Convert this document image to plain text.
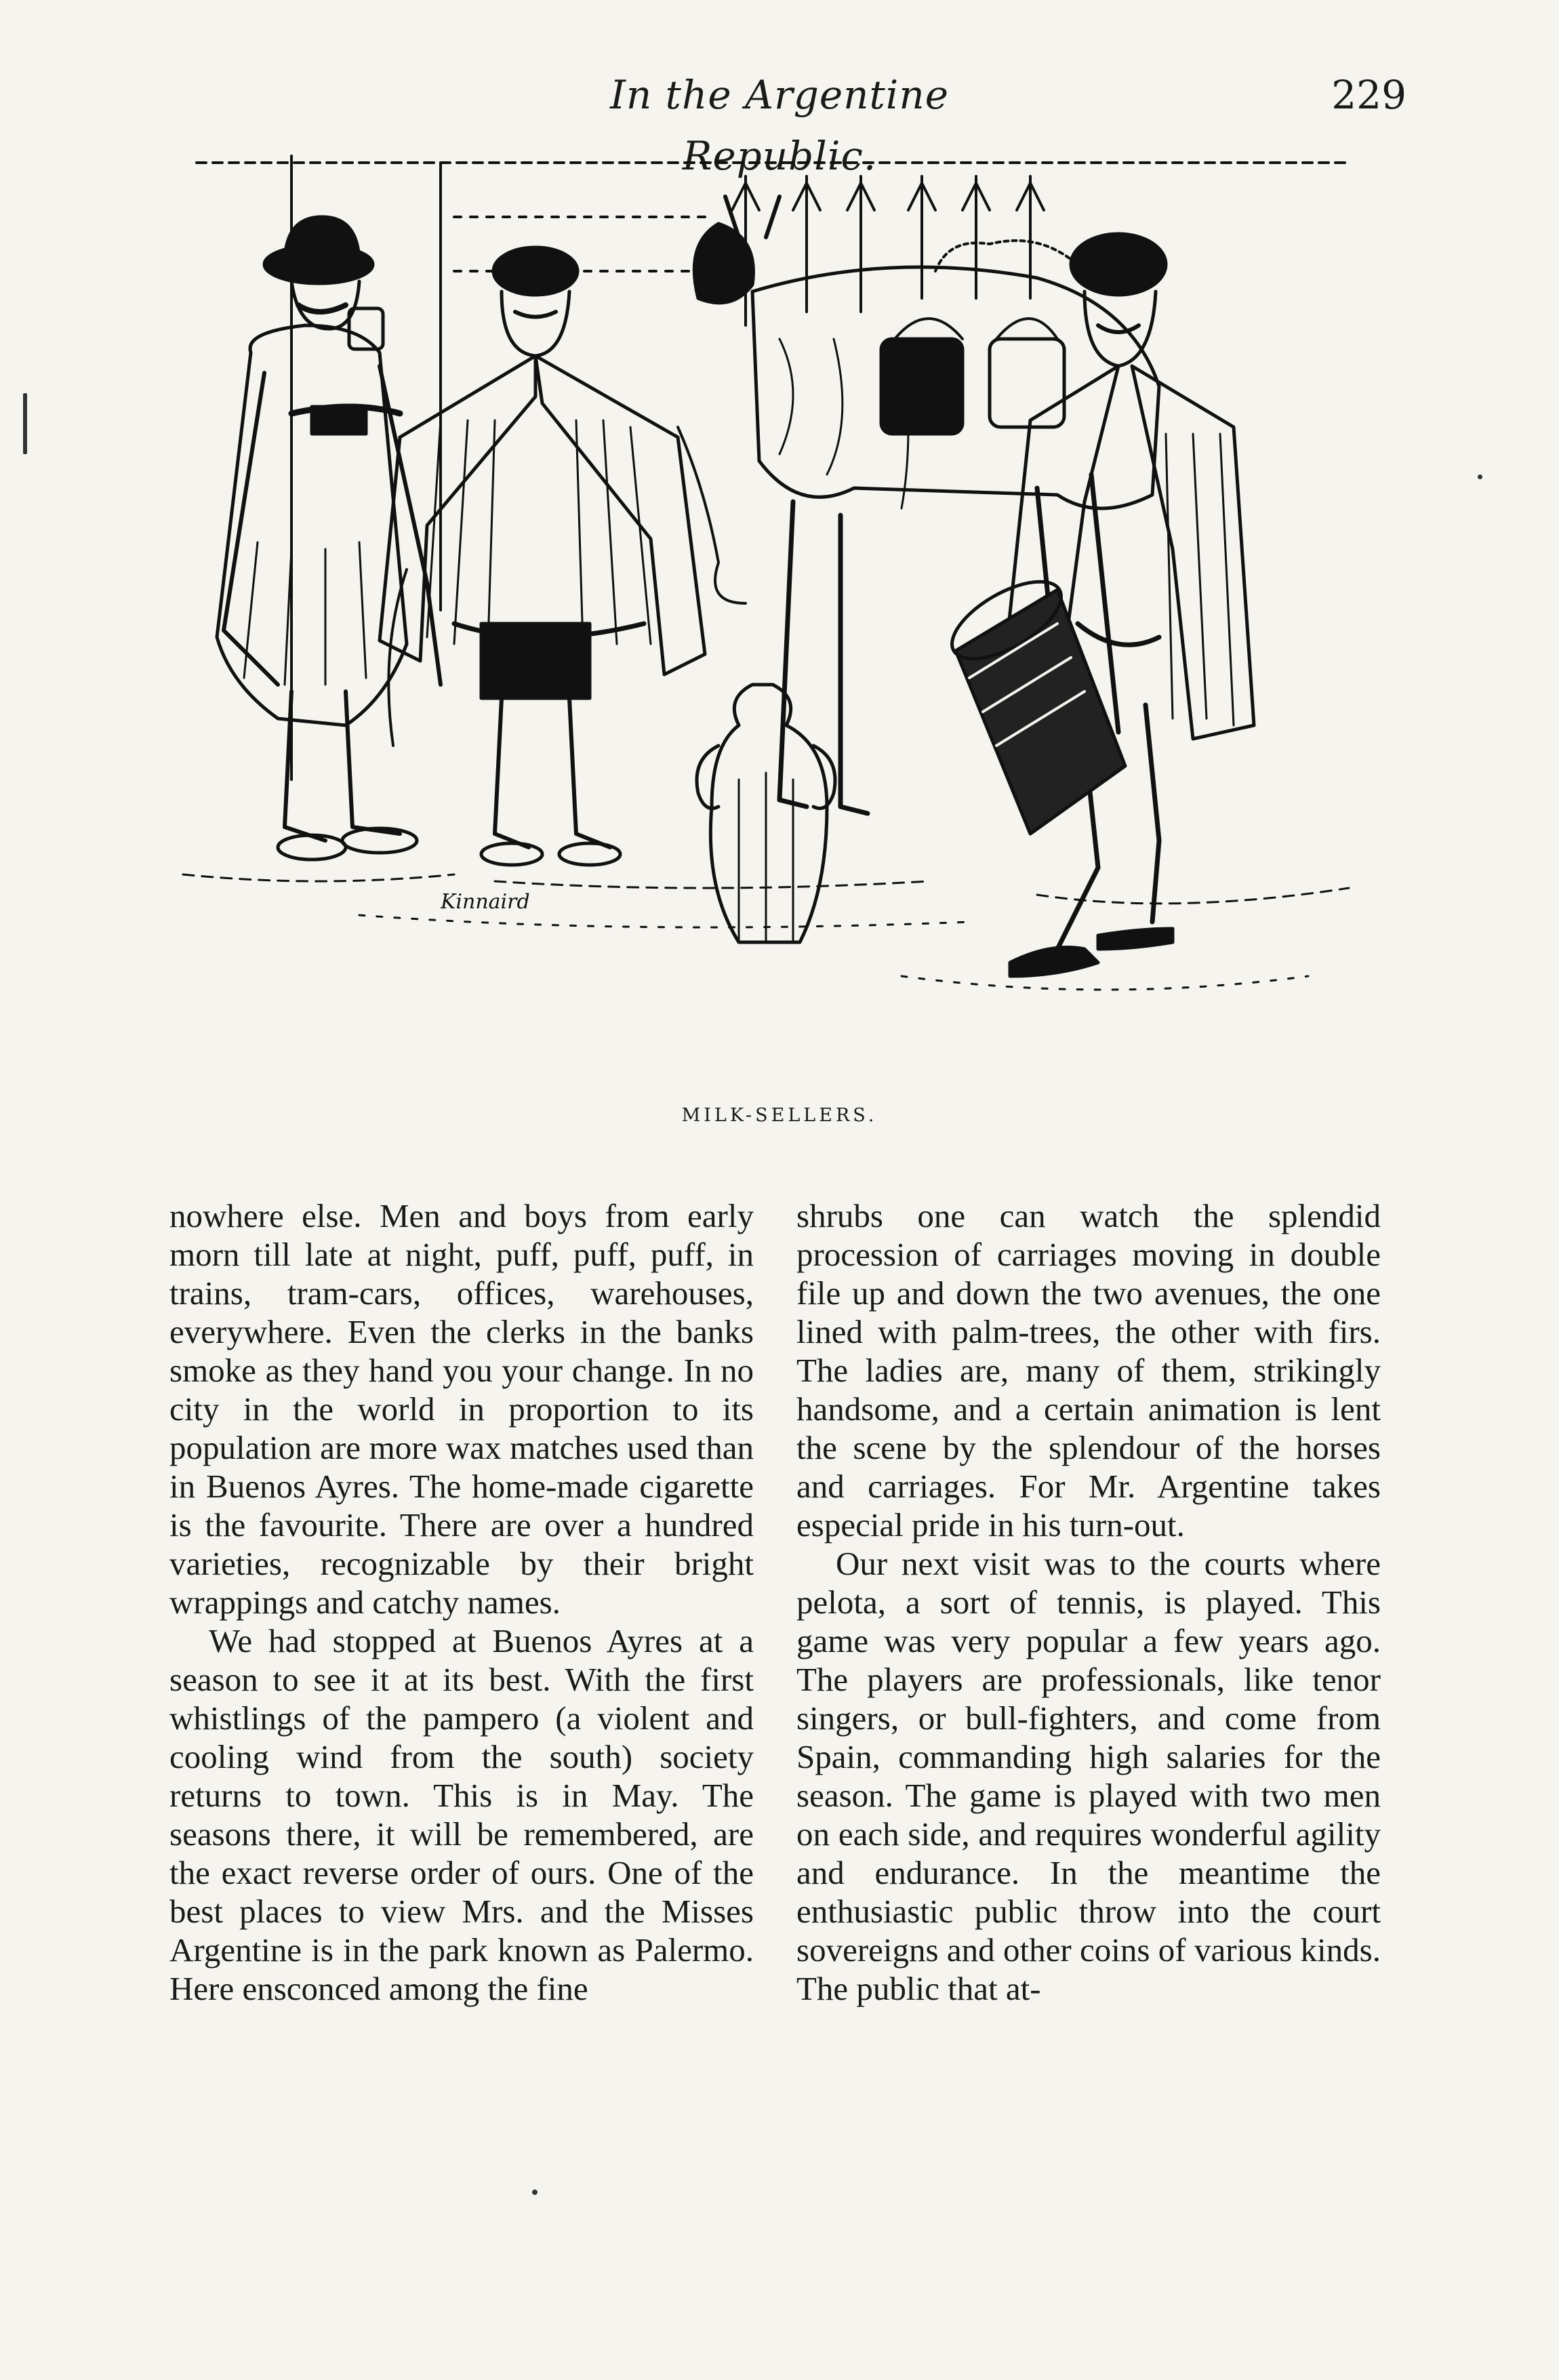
In the Argentine Republic.
229
Kinnaird
MILK-SELLERS.

nowhere else. Men and boys from early morn till late at night, puff, puff, puff, in trains, tram-cars, offices, warehouses, everywhere. Even the clerks in the banks smoke as they hand you your change. In no city in the world in proportion to its population are more wax matches used than in Buenos Ayres. The home-made cigarette is the favourite. There are over a hundred varieties, recognizable by their bright wrappings and catchy names.

We had stopped at Buenos Ayres at a season to see it at its best. With the first whistlings of the pampero (a violent and cooling wind from the south) society returns to town. This is in May. The seasons there, it will be remembered, are the exact reverse order of ours. One of the best places to view Mrs. and the Misses Argentine is in the park known as Palermo. Here ensconced among the fine

shrubs one can watch the splendid procession of carriages moving in double file up and down the two avenues, the one lined with palm-trees, the other with firs. The ladies are, many of them, strikingly handsome, and a certain animation is lent the scene by the splendour of the horses and carriages. For Mr. Argentine takes especial pride in his turn-out.

Our next visit was to the courts where pelota, a sort of tennis, is played. This game was very popular a few years ago. The players are professionals, like tenor singers, or bull-fighters, and come from Spain, commanding high salaries for the season. The game is played with two men on each side, and requires wonderful agility and endurance. In the meantime the enthusiastic public throw into the court sovereigns and other coins of various kinds. The public that at-
